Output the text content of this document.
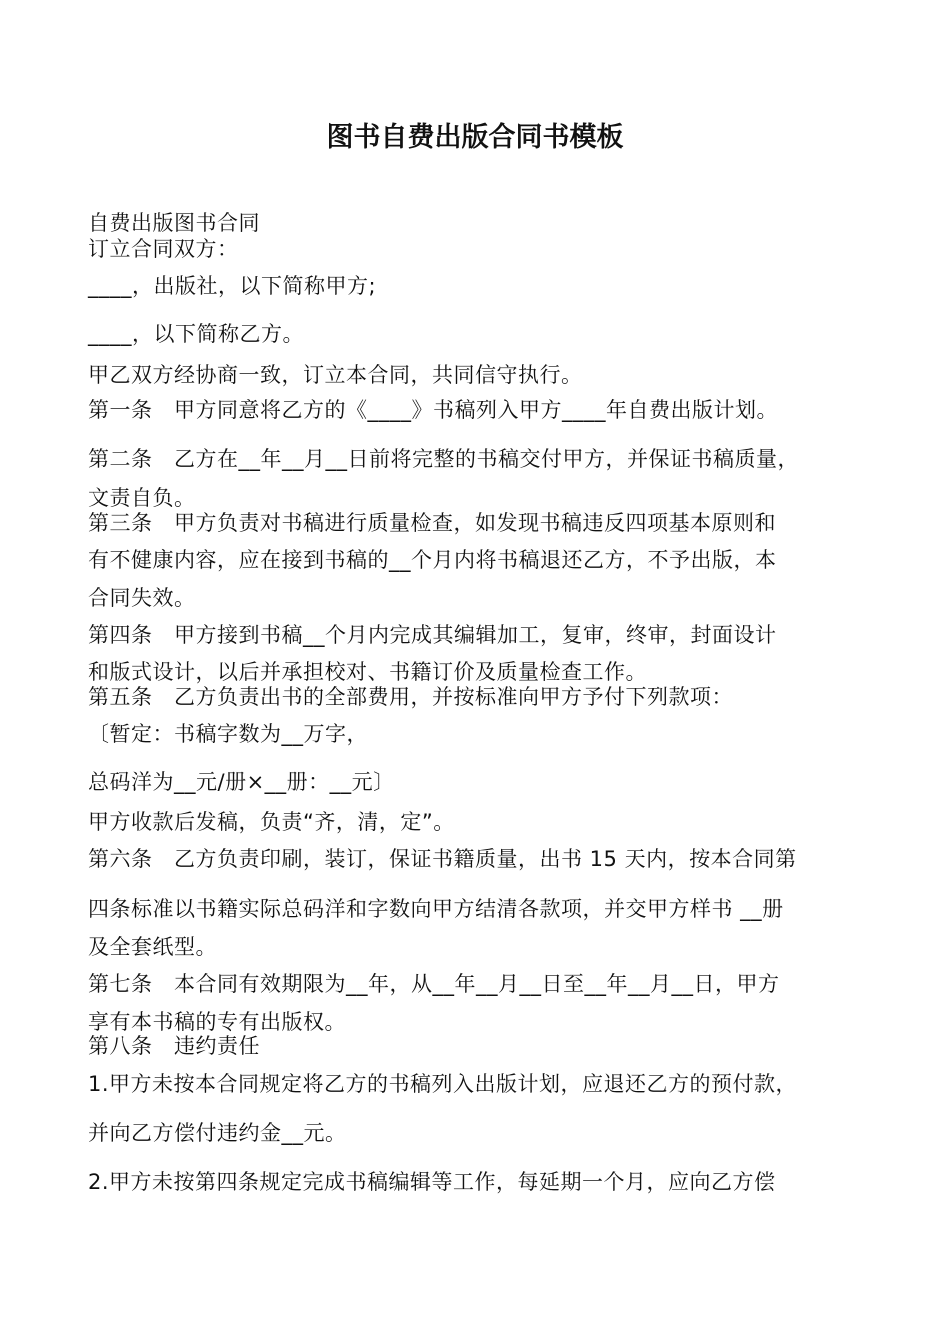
图书自费出版合同书模板
自费出版图书合同
订立合同双方：
____，出版社，以下简称甲方;
____，以下简称乙方。
甲乙双方经协商一致，订立本合同，共同信守执行。
第一条　甲方同意将乙方的《____》书稿列入甲方____年自费出版计划。
第二条　乙方在__年__月__日前将完整的书稿交付甲方，并保证书稿质量，
文责自负。
第三条　甲方负责对书稿进行质量检查，如发现书稿违反四项基本原则和
有不健康内容，应在接到书稿的__个月内将书稿退还乙方，不予出版，本
合同失效。
第四条　甲方接到书稿__个月内完成其编辑加工，复审，终审，封面设计
和版式设计，以后并承担校对、书籍订价及质量检查工作。
第五条　乙方负责出书的全部费用，并按标准向甲方予付下列款项：
〔暂定：书稿字数为__万字，
总码洋为__元/册×__册：__元〕
甲方收款后发稿，负责“齐，清，定”。
第六条　乙方负责印刷，装订，保证书籍质量，出书 15 天内，按本合同第
四条标准以书籍实际总码洋和字数向甲方结清各款项，并交甲方样书 __册
及全套纸型。
第七条　本合同有效期限为__年，从__年__月__日至__年__月__日，甲方
享有本书稿的专有出版权。
第八条　违约责任
1.甲方未按本合同规定将乙方的书稿列入出版计划，应退还乙方的预付款，
并向乙方偿付违约金__元。
2.甲方未按第四条规定完成书稿编辑等工作，每延期一个月，应向乙方偿
